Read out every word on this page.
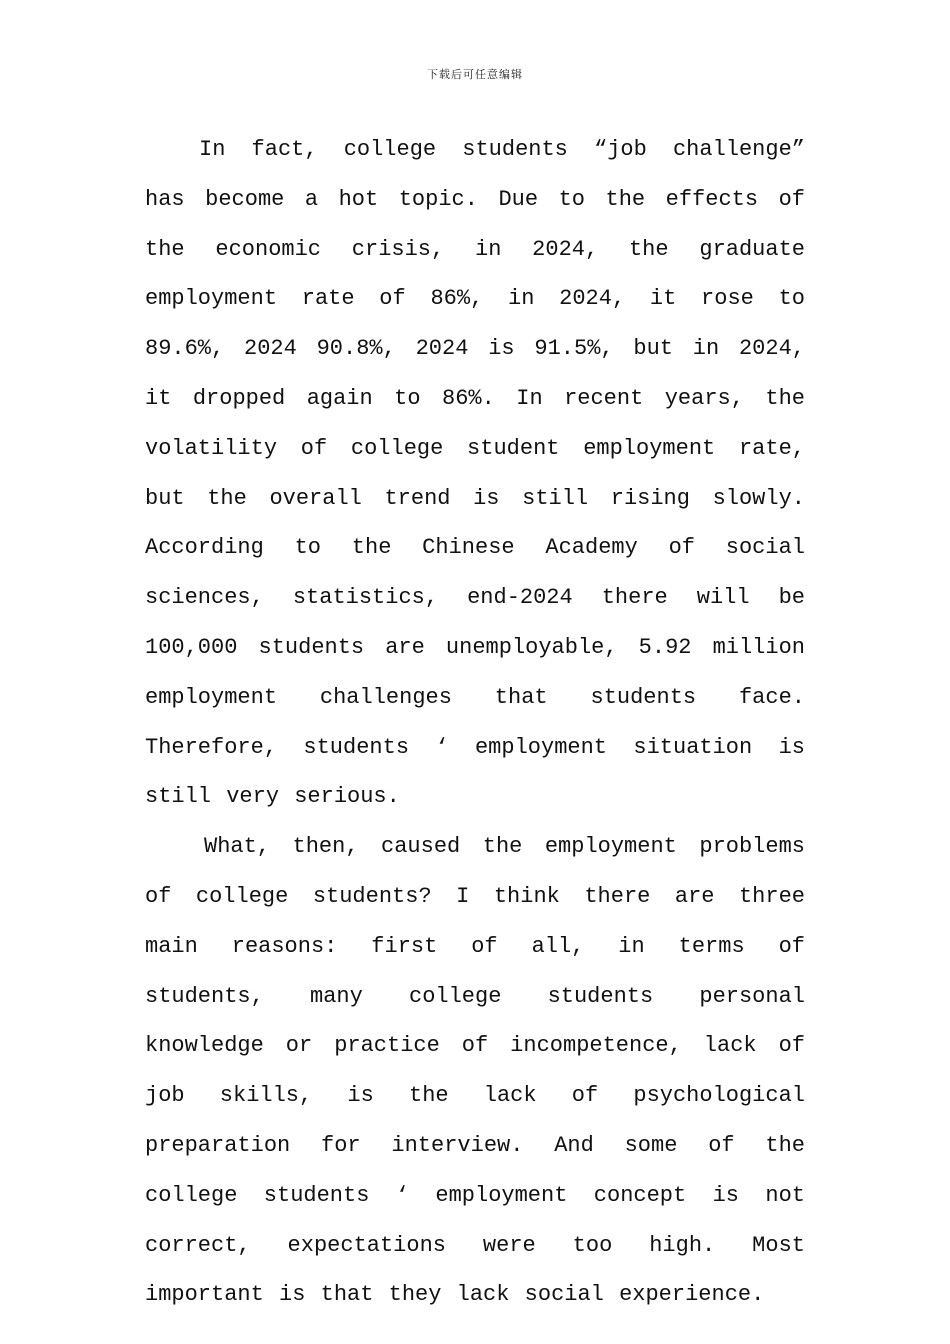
下载后可任意编辑

In fact, college students “job challenge” has become a hot topic. Due to the effects of the economic crisis, in 2024, the graduate employment rate of 86%, in 2024, it rose to 89.6%, 2024 90.8%, 2024 is 91.5%, but in 2024, it dropped again to 86%. In recent years, the volatility of college student employment rate, but the overall trend is still rising slowly. According to the Chinese Academy of social sciences, statistics, end-2024 there will be 100,000 students are unemployable, 5.92 million employment challenges that students face. Therefore, students ‘ employment situation is still very serious.

What, then, caused the employment problems of college students? I think there are three main reasons: first of all, in terms of students, many college students personal knowledge or practice of incompetence, lack of job skills, is the lack of psychological preparation for interview. And some of the college students ‘ employment concept is not correct, expectations were too high. Most important is that they lack social experience.
